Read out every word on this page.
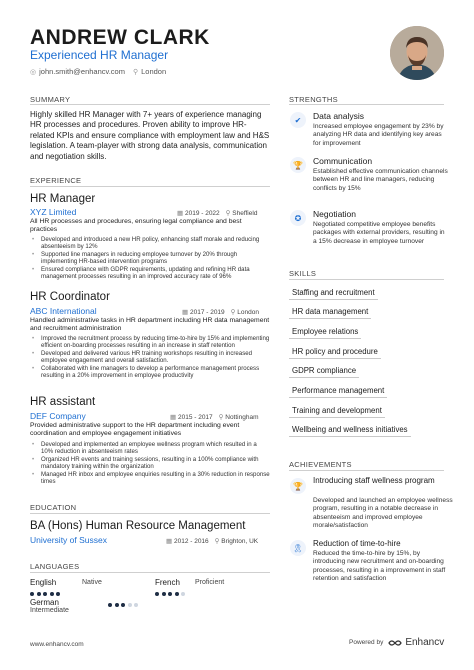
ANDREW CLARK
Experienced HR Manager
◎ john.smith@enhancv.com ⚲ London
SUMMARY
Highly skilled HR Manager with 7+ years of experience managing HR processes and procedures. Proven ability to improve HR-related KPIs and ensure compliance with employment law and H&S legislation. A team-player with strong data analysis, communication and negotiation skills.
EXPERIENCE
HR Manager
XYZ Limited	▦ 2019 - 2022 ⚲ Sheffield
All HR processes and procedures, ensuring legal compliance and best practices
• Developed and introduced a new HR policy, enhancing staff morale and reducing absenteeism by 12%
• Supported line managers in reducing employee turnover by 20% through implementing HR-based intervention programs
• Ensured compliance with GDPR requirements, updating and refining HR data management processes resulting in an improved accuracy rate of 96%
HR Coordinator
ABC International	▦ 2017 - 2019 ⚲ London
Handled administrative tasks in HR department including HR data management and recruitment administration
• Improved the recruitment process by reducing time-to-hire by 15% and implementing efficient on-boarding processes resulting in an increase in staff retention
• Developed and delivered various HR training workshops resulting in increased employee engagement and overall satisfaction.
• Collaborated with line managers to develop a performance management process resulting in a 20% improvement in employee productivity
HR assistant
DEF Company	▦ 2015 - 2017 ⚲ Nottingham
Provided administrative support to the HR department including event coordination and employee engagement initiatives
• Developed and implemented an employee wellness program which resulted in a 10% reduction in absenteeism rates
• Organized HR events and training sessions, resulting in a 100% compliance with mandatory training within the organization
• Managed HR inbox and employee enquiries resulting in a 30% reduction in response times
EDUCATION
BA (Hons) Human Resource Management
University of Sussex	▦ 2012 - 2016 ⚲ Brighton, UK
LANGUAGES
English	Native	French Proficient
German
Intermediate
STRENGTHS
✔	Data analysis
Increased employee engagement by 23% by analyzing HR data and identifying key areas for improvement
🏆	Communication
Established effective communication channels between HR and line managers, reducing conflicts by 15%
✪	Negotiation
Negotiated competitive employee benefits packages with external providers, resulting in a 15% decrease in employee turnover
SKILLS
Staffing and recruitment
HR data management
Employee relations
HR policy and procedure
GDPR compliance
Performance management
Training and development
Wellbeing and wellness initiatives
ACHIEVEMENTS
🏆
Introducing staff wellness program
Developed and launched an employee wellness program, resulting in a notable decrease in absenteeism and improved employee morale/satisfaction
🎗	Reduction of time-to-hire
Reduced the time-to-hire by 15%, by introducing new recruitment and on-boarding processes, resulting in a improvement in staff retention and satisfaction
www.enhancv.com	Powered by Enhancv
